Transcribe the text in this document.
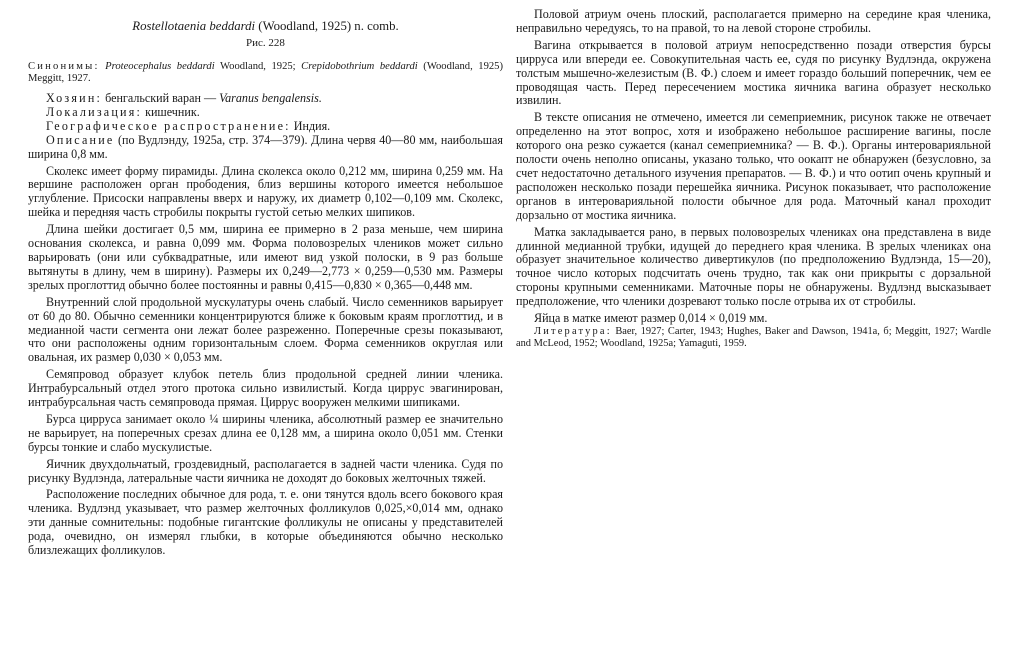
Rostellotaenia beddardi (Woodland, 1925) n. comb.
Рис. 228

Синонимы: Proteocephalus beddardi Woodland, 1925; Crepidobothrium beddardi (Woodland, 1925) Meggitt, 1927.

Хозяин: бенгальский варан — Varanus bengalensis.

Локализация: кишечник.

Географическое распространение: Индия.

Описание (по Вудлэнду, 1925а, стр. 374—379). Длина червя 40—80 мм, наибольшая ширина 0,8 мм.

Сколекс имеет форму пирамиды. Длина сколекса около 0,212 мм, ширина 0,259 мм. На вершине расположен орган прободения, близ вершины которого имеется небольшое углубление. Присоски направлены вверх и наружу, их диаметр 0,102—0,109 мм. Сколекс, шейка и передняя часть стробилы покрыты густой сетью мелких шипиков.

Длина шейки достигает 0,5 мм, ширина ее примерно в 2 раза меньше, чем ширина основания сколекса, и равна 0,099 мм. Форма половозрелых члеников может сильно варьировать (они или субквадратные, или имеют вид узкой полоски, в 9 раз больше вытянуты в длину, чем в ширину). Размеры их 0,249—2,773 × 0,259—0,530 мм. Размеры зрелых проглоттид обычно более постоянны и равны 0,415—0,830 × 0,365—0,448 мм.

Внутренний слой продольной мускулатуры очень слабый. Число семенников варьирует от 60 до 80. Обычно семенники концентрируются ближе к боковым краям проглоттид, и в медианной части сегмента они лежат более разреженно. Поперечные срезы показывают, что они расположены одним горизонтальным слоем. Форма семенников округлая или овальная, их размер 0,030 × 0,053 мм.

Семяпровод образует клубок петель близ продольной средней линии членика. Интрабурсальный отдел этого протока сильно извилистый. Когда циррус эвагинирован, интрабурсальная часть семяпровода прямая. Циррус вооружен мелкими шипиками.

Бурса цирруса занимает около ¼ ширины членика, абсолютный размер ее значительно не варьирует, на поперечных срезах длина ее 0,128 мм, а ширина около 0,051 мм. Стенки бурсы тонкие и слабо мускулистые.

Яичник двухдольчатый, гроздевидный, располагается в задней части членика. Судя по рисунку Вудлэнда, латеральные части яичника не доходят до боковых желточных тяжей.

Расположение последних обычное для рода, т. е. они тянутся вдоль всего бокового края членика. Вудлэнд указывает, что размер желточных фолликулов 0,025,×0,014 мм, однако эти данные сомнительны: подобные гигантские фолликулы не описаны у представителей рода, очевидно, он измерял глыбки, в которые объединяются обычно несколько близлежащих фолликулов.

Половой атриум очень плоский, располагается примерно на середине края членика, неправильно чередуясь, то на правой, то на левой стороне стробилы.

Вагина открывается в половой атриум непосредственно позади отверстия бурсы цирруса или впереди ее. Совокупительная часть ее, судя по рисунку Вудлэнда, окружена толстым мышечно-железистым (В. Ф.) слоем и имеет гораздо больший поперечник, чем ее проводящая часть. Перед пересечением мостика яичника вагина образует несколько извилин.

В тексте описания не отмечено, имеется ли семеприемник, рисунок также не отвечает определенно на этот вопрос, хотя и изображено небольшое расширение вагины, после которого она резко сужается (канал семеприемника? — В. Ф.). Органы интероварияльной полости очень неполно описаны, указано только, что оокапт не обнаружен (безусловно, за счет недостаточно детального изучения препаратов. — В. Ф.) и что оотип очень крупный и расположен несколько позади перешейка яичника. Рисунок показывает, что расположение органов в интероварияльной полости обычное для рода. Маточный канал проходит дорзально от мостика яичника.

Матка закладывается рано, в первых половозрелых члениках она представлена в виде длинной медианной трубки, идущей до переднего края членика. В зрелых члениках она образует значительное количество дивертикулов (по предположению Вудлэнда, 15—20), точное число которых подсчитать очень трудно, так как они прикрыты с дорзальной стороны крупными семенниками. Маточные поры не обнаружены. Вудлэнд высказывает предположение, что членики дозревают только после отрыва их от стробилы.

Яйца в матке имеют размер 0,014 × 0,019 мм.

Литература: Baer, 1927; Carter, 1943; Hughes, Baker and Dawson, 1941a, б; Meggitt, 1927; Wardle and McLeod, 1952; Woodland, 1925a; Yamaguti, 1959.
